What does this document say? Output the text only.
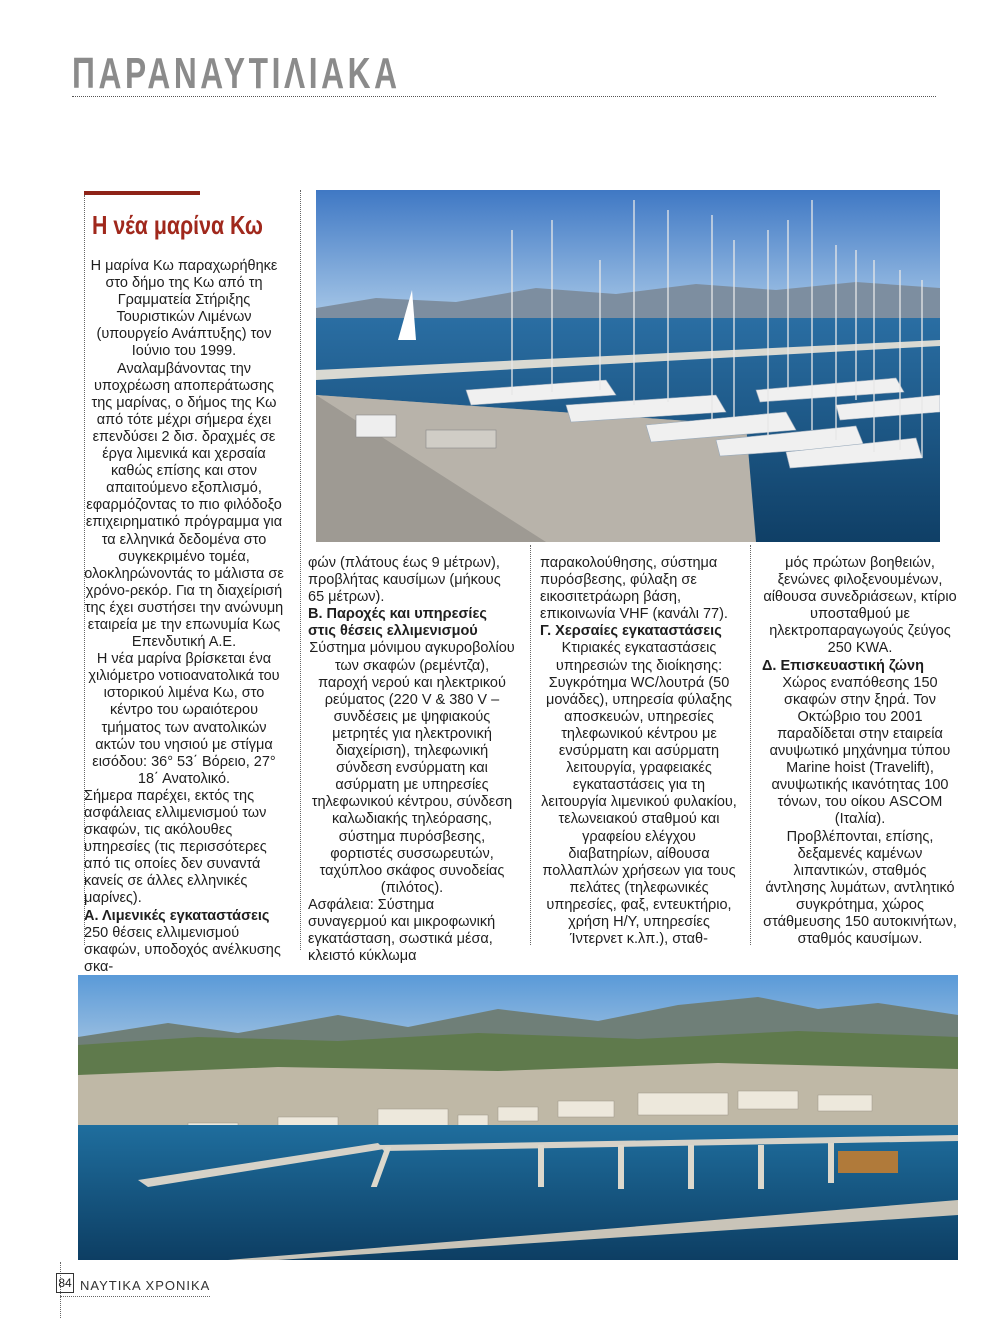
ΠΑΡΑΝΑΥΤΙΛΙΑΚΑ
Η νέα μαρίνα Κω

Η μαρίνα Κω παραχωρήθηκε στο δήμο της Κω από τη Γραμματεία Στήριξης Τουριστικών Λιμένων (υπουργείο Ανάπτυξης) τον Ιούνιο του 1999. Αναλαμβάνοντας την υποχρέωση αποπεράτωσης της μαρίνας, ο δήμος της Κω από τότε μέχρι σήμερα έχει επενδύσει 2 δισ. δραχμές σε έργα λιμενικά και χερσαία καθώς επίσης και στον απαιτούμενο εξοπλισμό, εφαρμόζοντας το πιο φιλόδοξο επιχειρηματικό πρόγραμμα για τα ελληνικά δεδομένα στο συγκεκριμένο τομέα, ολοκληρώνοντάς το μάλιστα σε χρόνο-ρεκόρ. Για τη διαχείρισή της έχει συστήσει την ανώνυμη εταιρεία με την επωνυμία Κως Επενδυτική Α.Ε.

Η νέα μαρίνα βρίσκεται ένα χιλιόμετρο νοτιοανατολικά του ιστορικού λιμένα Κω, στο κέντρο του ωραιότερου τμήματος των ανατολικών ακτών του νησιού με στίγμα εισόδου: 36° 53΄ Βόρειο, 27° 18΄ Ανατολικό.

Σήμερα παρέχει, εκτός της ασφάλειας ελλιμενισμού των σκαφών, τις ακόλουθες υπηρεσίες (τις περισσότερες από τις οποίες δεν συναντά κανείς σε άλλες ελληνικές μαρίνες).

Α. Λιμενικές εγκαταστάσεις

250 θέσεις ελλιμενισμού σκαφών, υποδοχός ανέλκυσης σκα-

φών (πλάτους έως 9 μέτρων), προβλήτας καυσίμων (μήκους 65 μέτρων).

Β. Παροχές και υπηρεσίες στις θέσεις ελλιμενισμού

Σύστημα μόνιμου αγκυροβολίου των σκαφών (ρεμέντζα), παροχή νερού και ηλεκτρικού ρεύματος (220 V & 380 V – συνδέσεις με ψηφιακούς μετρητές για ηλεκτρονική διαχείριση), τηλεφωνική σύνδεση ενσύρματη και ασύρματη με υπηρεσίες τηλεφωνικού κέντρου, σύνδεση καλωδιακής τηλεόρασης, σύστημα πυρόσβεσης, φορτιστές συσσωρευτών, ταχύπλοο σκάφος συνοδείας (πιλότος).

Ασφάλεια: Σύστημα συναγερμού και μικροφωνική εγκατάσταση, σωστικά μέσα, κλειστό κύκλωμα

παρακολούθησης, σύστημα πυρόσβεσης, φύλαξη σε εικοσιτετράωρη βάση, επικοινωνία VHF (κανάλι 77).

Γ. Χερσαίες εγκαταστάσεις

Κτιριακές εγκαταστάσεις υπηρεσιών της διοίκησης: Συγκρότημα WC/λουτρά (50 μονάδες), υπηρεσία φύλαξης αποσκευών, υπηρεσίες τηλεφωνικού κέντρου με ενσύρματη και ασύρματη λειτουργία, γραφειακές εγκαταστάσεις για τη λειτουργία λιμενικού φυλακίου, τελωνειακού σταθμού και γραφείου ελέγχου διαβατηρίων, αίθουσα πολλαπλών χρήσεων για τους πελάτες (τηλεφωνικές υπηρεσίες, φαξ, εντευκτήριο, χρήση Η/Υ, υπηρεσίες Ίντερνετ κ.λπ.), σταθ-

μός πρώτων βοηθειών, ξενώνες φιλοξενουμένων, αίθουσα συνεδριάσεων, κτίριο υποσταθμού με ηλεκτροπαραγωγούς ζεύγος 250 KWA.

Δ. Επισκευαστική ζώνη

Χώρος εναπόθεσης 150 σκαφών στην ξηρά. Τον Οκτώβριο του 2001 παραδίδεται στην εταιρεία ανυψωτικό μηχάνημα τύπου Marine hoist (Travelift), ανυψωτικής ικανότητας 100 τόνων, του οίκου ASCOM (Ιταλία).

Προβλέπονται, επίσης, δεξαμενές καμένων λιπαντικών, σταθμός άντλησης λυμάτων, αντλητικό συγκρότημα, χώρος στάθμευσης 150 αυτοκινήτων, σταθμός καυσίμων.

84 ΝΑΥΤΙΚΑ ΧΡΟΝΙΚΑ
